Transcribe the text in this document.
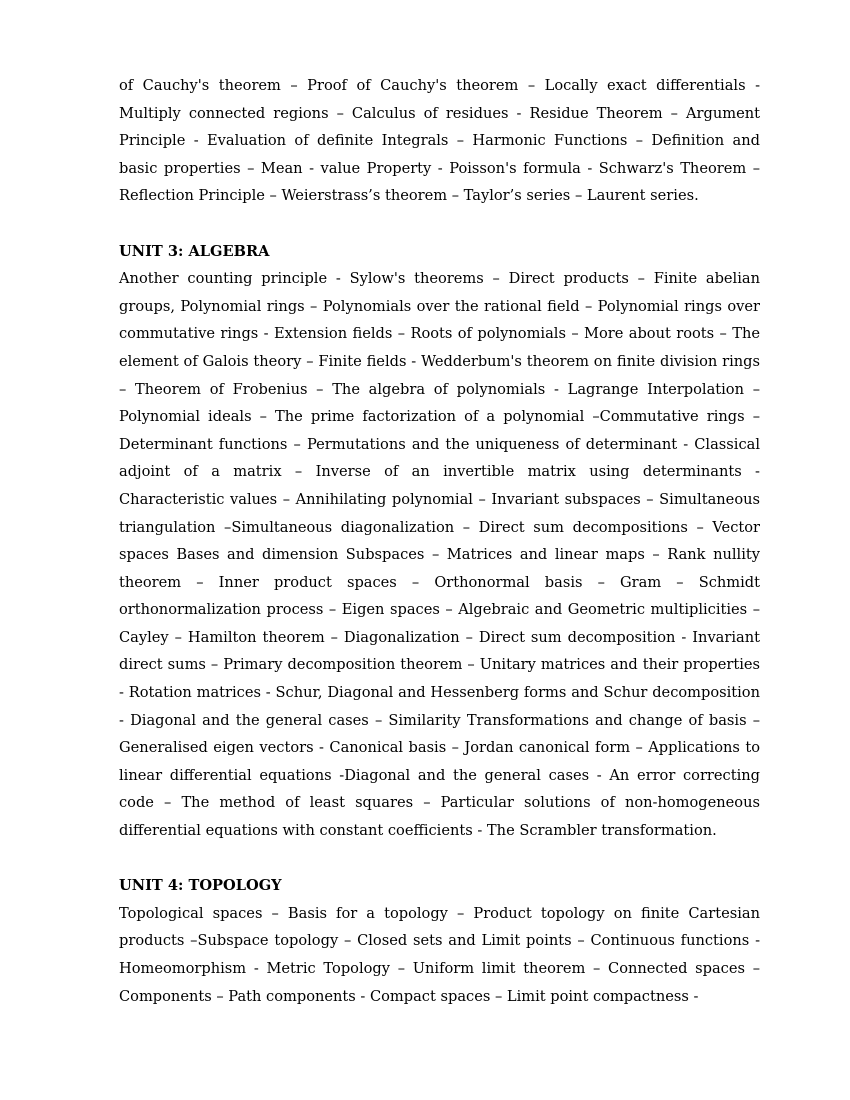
of Cauchy's theorem – Proof of Cauchy's theorem – Locally exact differentials - Multiply connected regions – Calculus of residues - Residue Theorem – Argument Principle - Evaluation of definite Integrals – Harmonic Functions – Definition and basic properties – Mean - value Property - Poisson's formula - Schwarz's Theorem – Reflection Principle – Weierstrass’s theorem – Taylor’s series – Laurent series.

UNIT 3: ALGEBRA

Another counting principle - Sylow's theorems – Direct products – Finite abelian groups, Polynomial rings – Polynomials over the rational field – Polynomial rings over commutative rings - Extension fields – Roots of polynomials – More about roots – The element of Galois theory – Finite fields - Wedderbum's theorem on finite division rings – Theorem of Frobenius – The algebra of polynomials - Lagrange Interpolation – Polynomial ideals – The prime factorization of a polynomial –Commutative rings – Determinant functions – Permutations and the uniqueness of determinant - Classical adjoint of a matrix – Inverse of an invertible matrix using determinants - Characteristic values – Annihilating polynomial – Invariant subspaces – Simultaneous triangulation –Simultaneous diagonalization – Direct sum decompositions – Vector spaces Bases and dimension Subspaces – Matrices and linear maps – Rank nullity theorem – Inner product spaces – Orthonormal basis – Gram – Schmidt orthonormalization process – Eigen spaces – Algebraic and Geometric multiplicities – Cayley – Hamilton theorem – Diagonalization – Direct sum decomposition - Invariant direct sums – Primary decomposition theorem – Unitary matrices and their properties - Rotation matrices - Schur, Diagonal and Hessenberg forms and Schur decomposition - Diagonal and the general cases – Similarity Transformations and change of basis – Generalised eigen vectors - Canonical basis – Jordan canonical form – Applications to linear differential equations -Diagonal and the general cases - An error correcting code – The method of least squares – Particular solutions of non-homogeneous differential equations with constant coefficients - The Scrambler transformation.

UNIT 4: TOPOLOGY

Topological spaces – Basis for a topology – Product topology on finite Cartesian products –Subspace topology – Closed sets and Limit points – Continuous functions - Homeomorphism - Metric Topology – Uniform limit theorem – Connected spaces – Components – Path components - Compact spaces – Limit point compactness -
